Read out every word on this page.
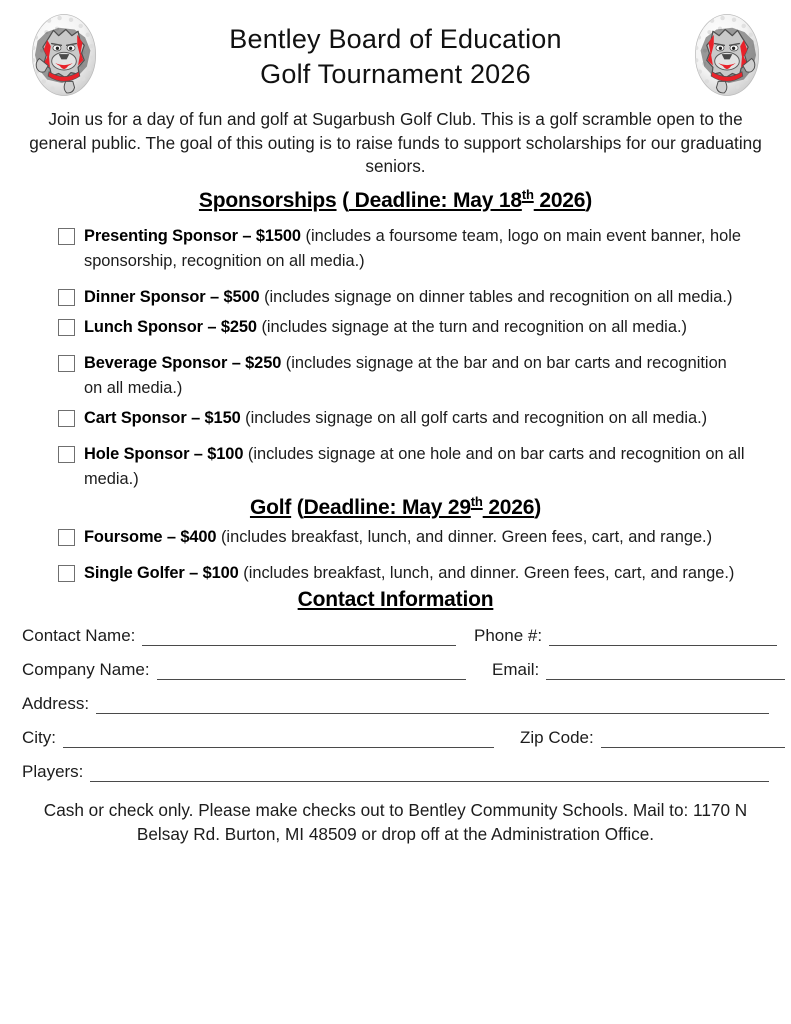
Bentley Board of Education
Golf Tournament 2026
Join us for a day of fun and golf at Sugarbush Golf Club. This is a golf scramble open to the general public. The goal of this outing is to raise funds to support scholarships for our graduating seniors.
Sponsorships ( Deadline: May 18th 2026)
Presenting Sponsor – $1500 (includes a foursome team, logo on main event banner, hole sponsorship, recognition on all media.)
Dinner Sponsor – $500 (includes signage on dinner tables and recognition on all media.)
Lunch Sponsor – $250 (includes signage at the turn and recognition on all media.)
Beverage Sponsor – $250 (includes signage at the bar and on bar carts and recognition on all media.)
Cart Sponsor – $150 (includes signage on all golf carts and recognition on all media.)
Hole Sponsor – $100 (includes signage at one hole and on bar carts and recognition on all media.)
Golf (Deadline: May 29th 2026)
Foursome – $400 (includes breakfast, lunch, and dinner. Green fees, cart, and range.)
Single Golfer – $100 (includes breakfast, lunch, and dinner. Green fees, cart, and range.)
Contact Information
Contact Name:	Phone #:
Company Name:	Email:
Address:
City:	Zip Code:
Players:
Cash or check only. Please make checks out to Bentley Community Schools. Mail to: 1170 N Belsay Rd. Burton, MI 48509 or drop off at the Administration Office.
